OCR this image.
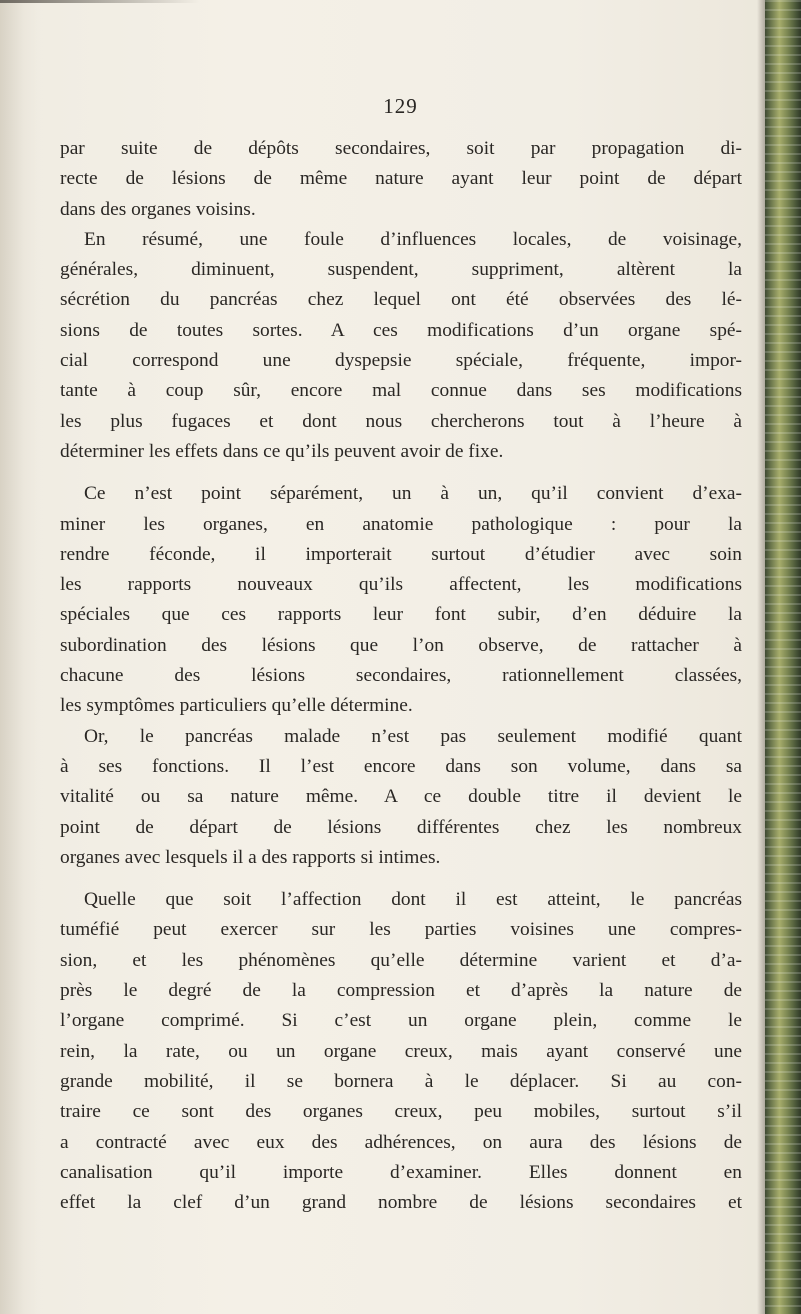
129
par suite de dépôts secondaires, soit par propagation di-
recte de lésions de même nature ayant leur point de départ
dans des organes voisins.
En résumé, une foule d’influences locales, de voisinage,
générales, diminuent, suspendent, suppriment, altèrent la
sécrétion du pancréas chez lequel ont été observées des lé-
sions de toutes sortes. A ces modifications d’un organe spé-
cial correspond une dyspepsie spéciale, fréquente, impor-
tante à coup sûr, encore mal connue dans ses modifications
les plus fugaces et dont nous chercherons tout à l’heure à
déterminer les effets dans ce qu’ils peuvent avoir de fixe.
Ce n’est point séparément, un à un, qu’il convient d’exa-
miner les organes, en anatomie pathologique : pour la
rendre féconde, il importerait surtout d’étudier avec soin
les rapports nouveaux qu’ils affectent, les modifications
spéciales que ces rapports leur font subir, d’en déduire la
subordination des lésions que l’on observe, de rattacher à
chacune des lésions secondaires, rationnellement classées,
les symptômes particuliers qu’elle détermine.
Or, le pancréas malade n’est pas seulement modifié quant
à ses fonctions. Il l’est encore dans son volume, dans sa
vitalité ou sa nature même. A ce double titre il devient le
point de départ de lésions différentes chez les nombreux
organes avec lesquels il a des rapports si intimes.
Quelle que soit l’affection dont il est atteint, le pancréas
tuméfié peut exercer sur les parties voisines une compres-
sion, et les phénomènes qu’elle détermine varient et d’a-
près le degré de la compression et d’après la nature de
l’organe comprimé. Si c’est un organe plein, comme le
rein, la rate, ou un organe creux, mais ayant conservé une
grande mobilité, il se bornera à le déplacer. Si au con-
traire ce sont des organes creux, peu mobiles, surtout s’il
a contracté avec eux des adhérences, on aura des lésions de
canalisation qu’il importe d’examiner. Elles donnent en
effet la clef d’un grand nombre de lésions secondaires et
